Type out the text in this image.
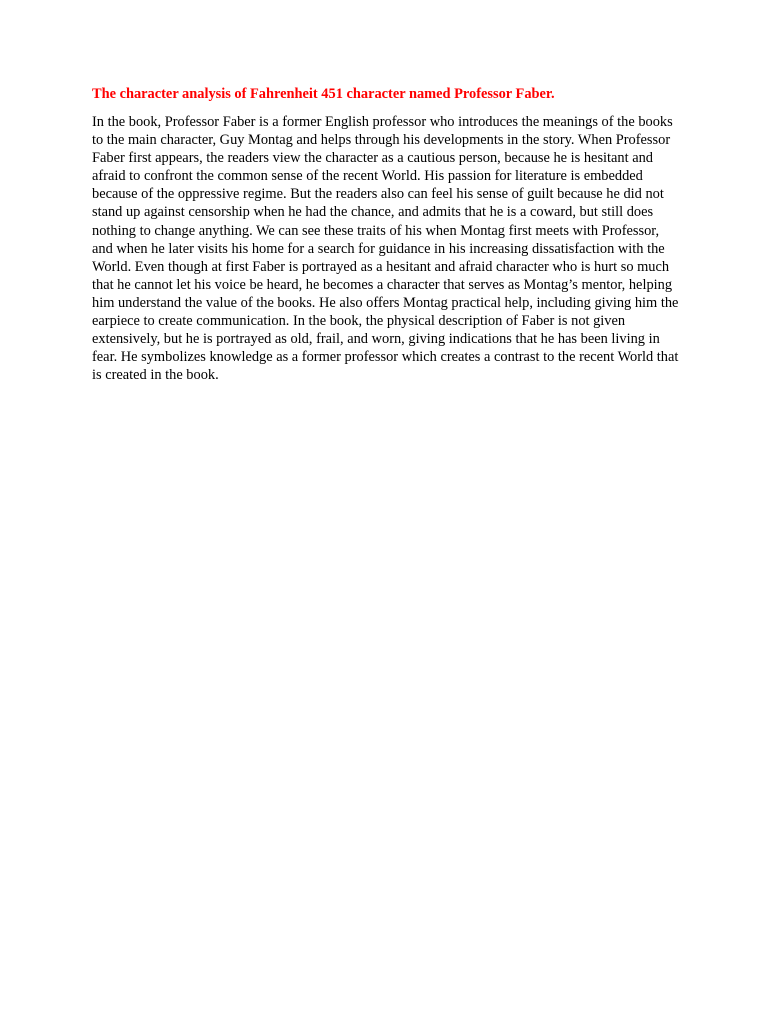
The character analysis of Fahrenheit 451 character named Professor Faber.

In the book, Professor Faber is a former English professor who introduces the meanings of the books to the main character, Guy Montag and helps through his developments in the story. When Professor Faber first appears, the readers view the character as a cautious person, because he is hesitant and afraid to confront the common sense of the recent World. His passion for literature is embedded because of the oppressive regime. But the readers also can feel his sense of guilt because he did not stand up against censorship when he had the chance, and admits that he is a coward, but still does nothing to change anything. We can see these traits of his when Montag first meets with Professor, and when he later visits his home for a search for guidance in his increasing dissatisfaction with the World. Even though at first Faber is portrayed as a hesitant and afraid character who is hurt so much that he cannot let his voice be heard, he becomes a character that serves as Montag’s mentor, helping him understand the value of the books. He also offers Montag practical help, including giving him the earpiece to create communication. In the book, the physical description of Faber is not given extensively, but he is portrayed as old, frail, and worn, giving indications that he has been living in fear. He symbolizes knowledge as a former professor which creates a contrast to the recent World that is created in the book.
